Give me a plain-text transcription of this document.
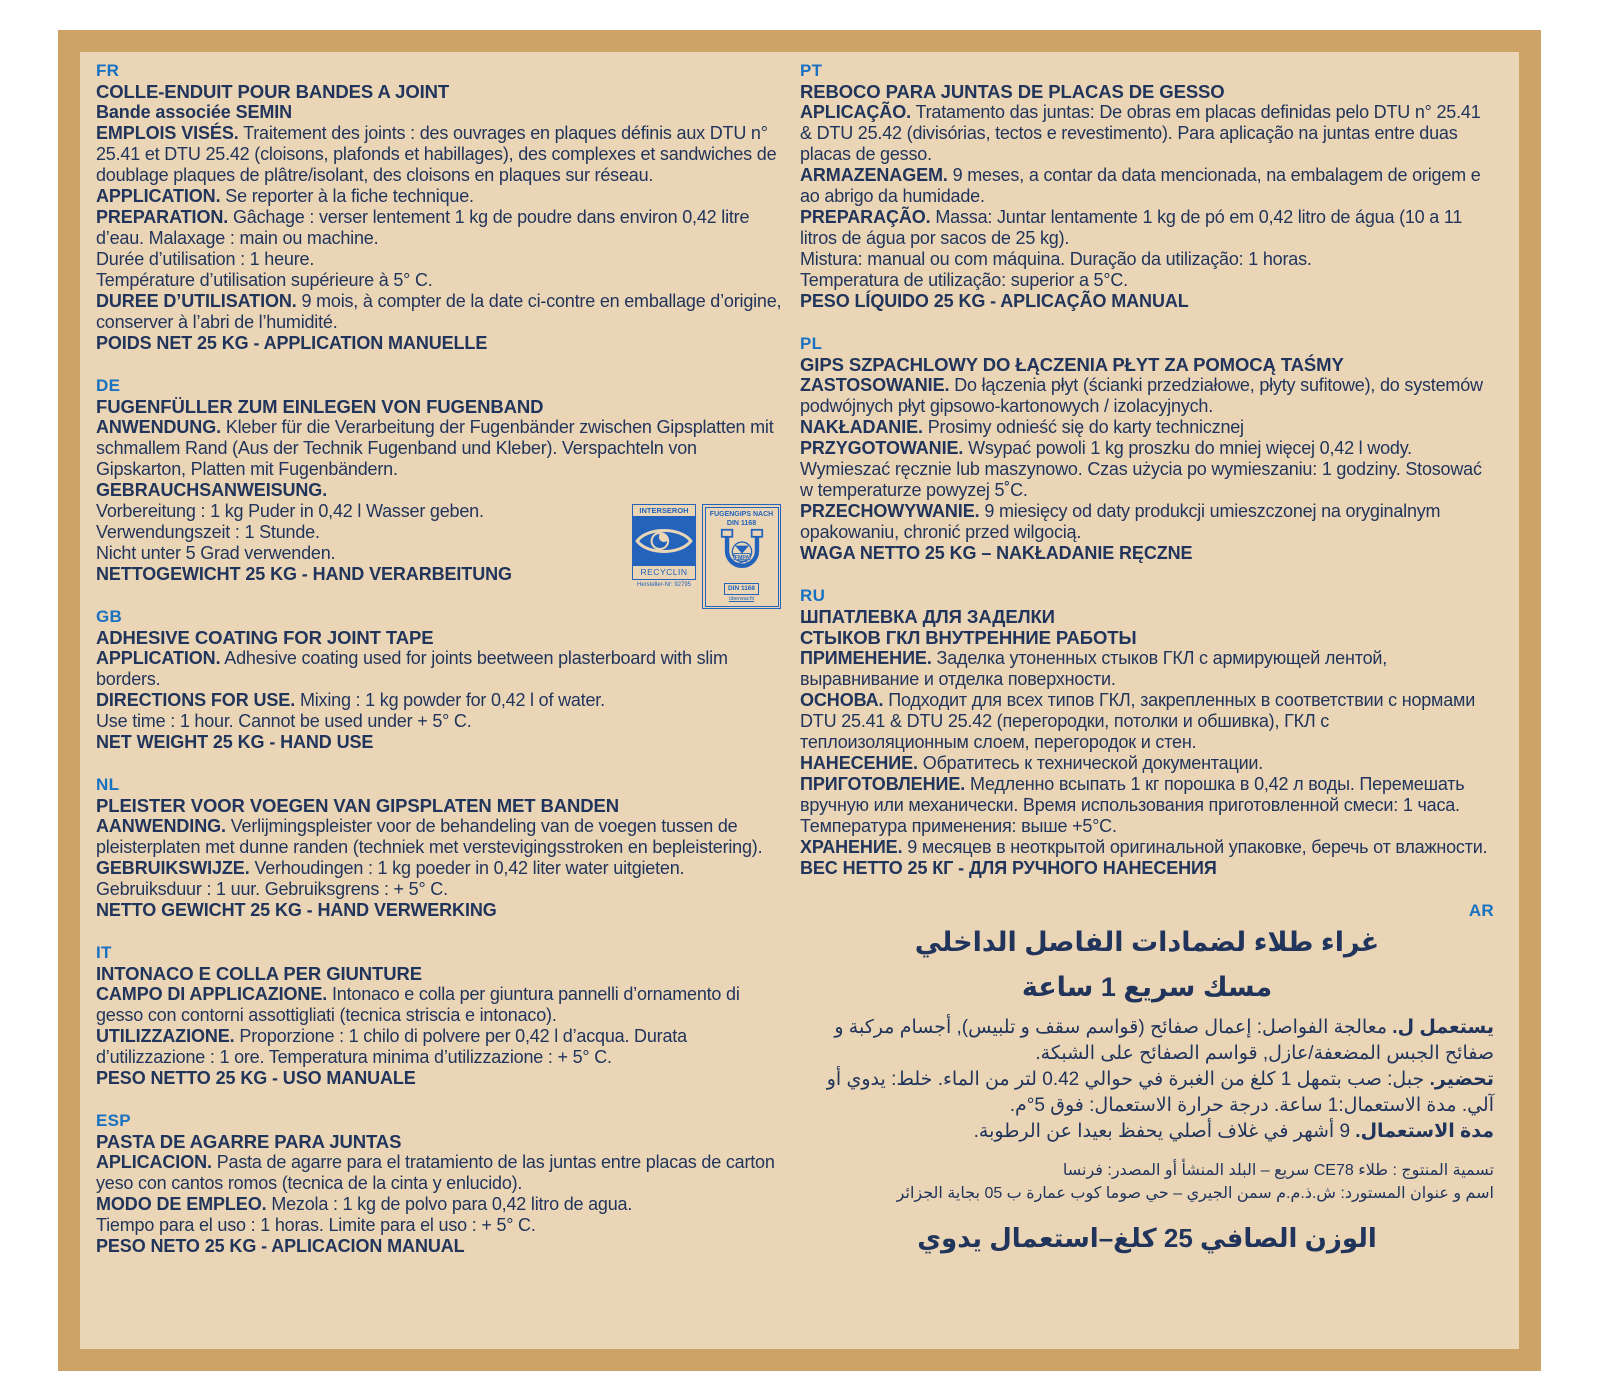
FR
COLLE-ENDUIT POUR BANDES A JOINT

Bande associée SEMIN

EMPLOIS VISÉS. Traitement des joints : des ouvrages en plaques définis aux DTU n° 25.41 et DTU 25.42 (cloisons, plafonds et habillages), des complexes et sandwiches de doublage plaques de plâtre/isolant, des cloisons en plaques sur réseau.

APPLICATION. Se reporter à la fiche technique.

PREPARATION. Gâchage : verser lentement 1 kg de poudre dans environ 0,42 litre d’eau. Malaxage : main ou machine.

Durée d’utilisation : 1 heure.

Température d’utilisation supérieure à 5° C.

DUREE D’UTILISATION. 9 mois, à compter de la date ci-contre en emballage d’origine, conserver à l’abri de l’humidité.

POIDS NET 25 KG - APPLICATION MANUELLE

DE
FUGENFÜLLER ZUM EINLEGEN VON FUGENBAND

ANWENDUNG. Kleber für die Verarbeitung der Fugenbänder zwischen Gipsplatten mit schmallem Rand (Aus der Technik Fugenband und Kleber). Verspachteln von Gipskarton, Platten mit Fugenbändern.

GEBRAUCHSANWEISUNG.

Vorbereitung : 1 kg Puder in 0,42 l Wasser geben.

Verwendungszeit : 1 Stunde.

Nicht unter 5 Grad verwenden.

NETTOGEWICHT 25 KG - HAND VERARBEITUNG

GB
ADHESIVE COATING FOR JOINT TAPE

APPLICATION. Adhesive coating used for joints beetween plasterboard with slim borders.

DIRECTIONS FOR USE. Mixing : 1 kg powder for 0,42 l of water.

Use time : 1 hour. Cannot be used under + 5° C.

NET WEIGHT 25 KG - HAND USE

NL
PLEISTER VOOR VOEGEN VAN GIPSPLATEN MET BANDEN

AANWENDING. Verlijmingspleister voor de behandeling van de voegen tussen de pleisterplaten met dunne randen (techniek met verstevigingsstroken en bepleistering).

GEBRUIKSWIJZE. Verhoudingen : 1 kg poeder in 0,42 liter water uitgieten.

Gebruiksduur : 1 uur. Gebruiksgrens : + 5° C.

NETTO GEWICHT 25 KG - HAND VERWERKING

IT
INTONACO E COLLA PER GIUNTURE

CAMPO DI APPLICAZIONE. Intonaco e colla per giuntura pannelli d’ornamento di gesso con contorni assottigliati (tecnica striscia e intonaco).

UTILIZZAZIONE. Proporzione : 1 chilo di polvere per 0,42 l d’acqua. Durata d’utilizzazione : 1 ore. Temperatura minima d’utilizzazione : + 5° C.

PESO NETTO 25 KG - USO MANUALE

ESP
PASTA DE AGARRE PARA JUNTAS

APLICACION. Pasta de agarre para el tratamiento de las juntas entre placas de carton yeso con cantos romos (tecnica de la cinta y enlucido).

MODO DE EMPLEO. Mezola : 1 kg de polvo para 0,42 litro de agua.

Tiempo para el uso : 1 horas. Limite para el uso : + 5° C.

PESO NETO 25 KG - APLICACION MANUAL

PT
REBOCO PARA JUNTAS DE PLACAS DE GESSO

APLICAÇÃO. Tratamento das juntas: De obras em placas definidas pelo DTU n° 25.41 & DTU 25.42 (divisórias, tectos e revestimento). Para aplicação na juntas entre duas placas de gesso.

ARMAZENAGEM. 9 meses, a contar da data mencionada, na embalagem de origem e ao abrigo da humidade.

PREPARAÇÃO. Massa: Juntar lentamente 1 kg de pó em 0,42 litro de água (10 a 11 litros de água por sacos de 25 kg).

Mistura: manual ou com máquina. Duração da utilização: 1 horas.

Temperatura de utilização: superior a 5°C.

PESO LÍQUIDO 25 KG - APLICAÇÃO MANUAL

PL
GIPS SZPACHLOWY DO ŁĄCZENIA PŁYT ZA POMOCĄ TAŚMY

ZASTOSOWANIE. Do łączenia płyt (ścianki przedziałowe, płyty sufitowe), do systemów podwójnych płyt gipsowo-kartonowych / izolacyjnych.

NAKŁADANIE. Prosimy odnieść się do karty technicznej

PRZYGOTOWANIE. Wsypać powoli 1 kg proszku do mniej więcej 0,42 l wody. Wymieszać ręcznie lub maszynowo. Czas użycia po wymieszaniu: 1 godziny. Stosować w temperaturze powyzej 5˚C.

PRZECHOWYWANIE. 9 miesięcy od daty produkcji umieszczonej na oryginalnym opakowaniu, chronić przed wilgocią.

WAGA NETTO 25 KG – NAKŁADANIE RĘCZNE

RU
ШПАТЛЕВКА ДЛЯ ЗАДЕЛКИ
СТЫКОВ ГКЛ ВНУТРЕННИЕ РАБОТЫ

ПРИМЕНЕНИЕ. Заделка утоненных стыков ГКЛ с армирующей лентой, выравнивание и отделка поверхности.

ОСНОВА. Подходит для всех типов ГКЛ, закрепленных в соответствии с нормами DTU 25.41 & DTU 25.42 (перегородки, потолки и обшивка), ГКЛ с теплоизоляционным слоем, перегородок и стен.

НАНЕСЕНИЕ. Обратитесь к технической документации.

ПРИГОТОВЛЕНИЕ. Медленно всыпать 1 кг порошка в 0,42 л воды. Перемешать вручную или механически. Время использования приготовленной смеси: 1 часа. Температура применения: выше +5°С.

ХРАНЕНИЕ. 9 месяцев в неоткрытой оригинальной упаковке, беречь от влажности.

ВЕС НЕТТО 25 КГ - ДЛЯ РУЧНОГО НАНЕСЕНИЯ

AR
غراء طلاء لضمادات الفاصل الداخلي
مسك سريع 1 ساعة

يستعمل ل. معالجة الفواصل: إعمال صفائح (قواسم سقف و تلبيس), أجسام مركبة و صفائح الجبس المضعفة/عازل, قواسم الصفائح على الشبكة.

تحضير. جبل: صب بتمهل 1 كلغ من الغبرة في حوالي 0.42 لتر من الماء. خلط: يدوي أو آلي. مدة الاستعمال:1 ساعة. درجة حرارة الاستعمال: فوق 5°م.

مدة الاستعمال. 9 أشهر في غلاف أصلي يحفظ بعيدا عن الرطوبة.

تسمية المنتوج : طلاء CE78 سريع – البلد المنشأ أو المصدر: فرنسا

اسم و عنوان المستورد: ش.ذ.م.م سمن الجيري – حي صوما كوب عمارة ب 05 بجاية الجزائر

الوزن الصافي 25 كلغ–استعمال يدوي
INTERSEROH
RECYCLIN
Hersteller-Nr: 92795
FUGENGIPS NACH
DIN 1168
FMPA
DIN 1168
überwacht
